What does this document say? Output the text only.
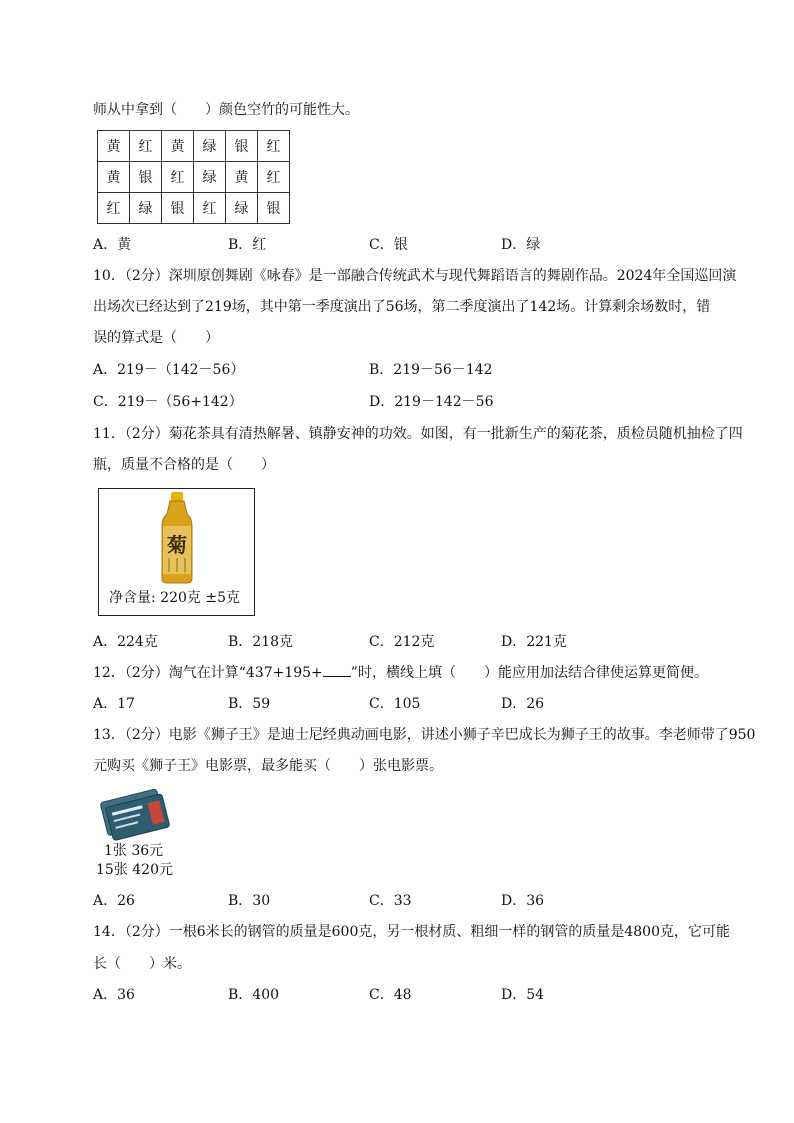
师从中拿到（　　）颜色空竹的可能性大。
黄	红	黄	绿	银	红
黄	银	红	绿	黄	红
红	绿	银	红	绿	银
A．黄	B．红	C．银	D．绿
10．（2分）深圳原创舞剧《咏春》是一部融合传统武术与现代舞蹈语言的舞剧作品。2024年全国巡回演
出场次已经达到了219场，其中第一季度演出了56场，第二季度演出了142场。计算剩余场数时，错
误的算式是（　　）
A．219－（142－56）	B．219－56－142
C．219－（56+142）	D．219－142－56
11．（2分）菊花茶具有清热解暑、镇静安神的功效。如图，有一批新生产的菊花茶，质检员随机抽检了四
瓶，质量不合格的是（　　）
菊
净含量: 220克 ±5克
A．224克	B．218克	C．212克	D．221克
12．（2分）淘气在计算“437+195+ ”时，横线上填（　　）能应用加法结合律使运算更简便。
A．17	B．59	C．105	D．26
13．（2分）电影《狮子王》是迪士尼经典动画电影，讲述小狮子辛巴成长为狮子王的故事。李老师带了950
元购买《狮子王》电影票，最多能买（　　）张电影票。
1张 36元
15张 420元
A．26	B．30	C．33	D．36
14．（2分）一根6米长的钢管的质量是600克，另一根材质、粗细一样的钢管的质量是4800克，它可能
长（　　）米。
A．36	B．400	C．48	D．54
